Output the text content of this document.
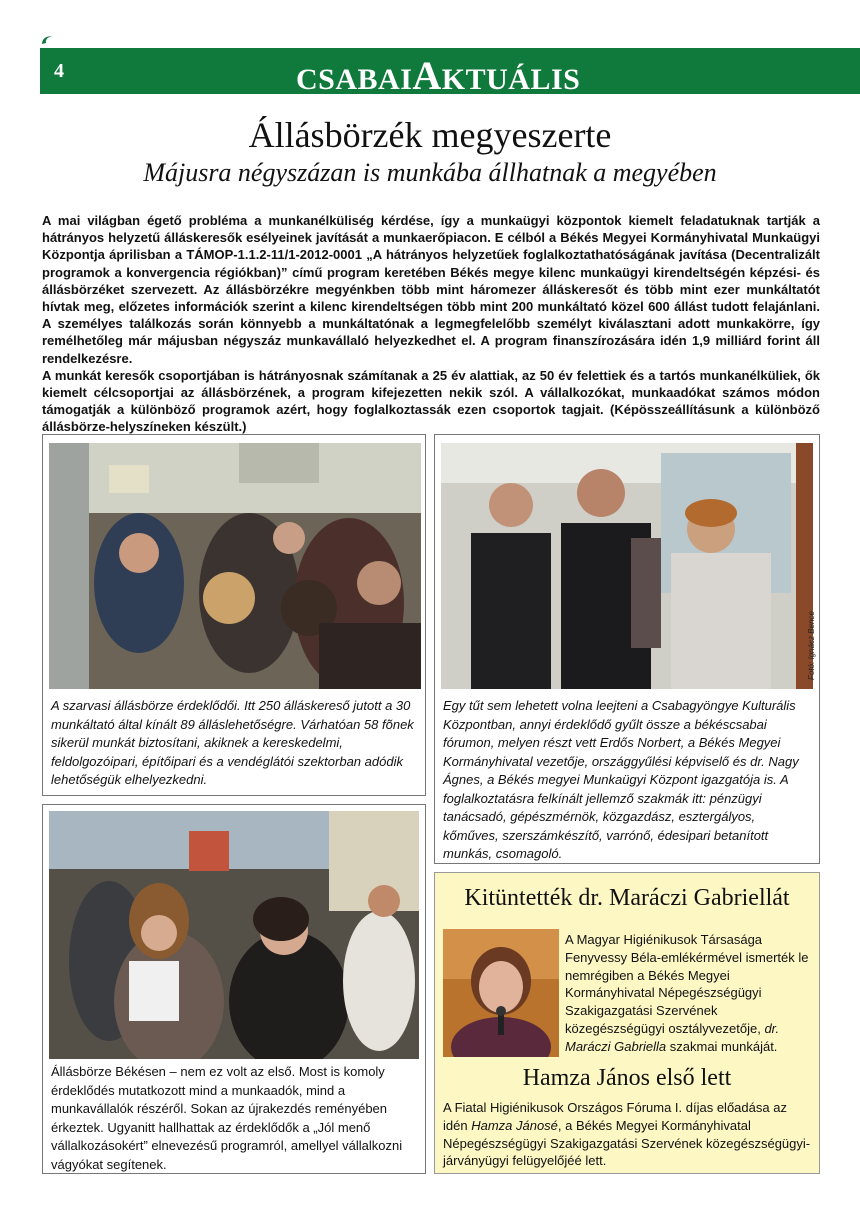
4	CSABAIAKTUÁLIS
Állásbörzék megyeszerte
Májusra négyszázan is munkába állhatnak a megyében

A mai világban égető probléma a munkanélküliség kérdése, így a munkaügyi központok kiemelt feladatuknak tartják a hátrányos helyzetű álláskeresők esélyeinek javítását a munkaerőpiacon. E célból a Békés Megyei Kormányhivatal Munkaügyi Központja áprilisban a TÁMOP-1.1.2-11/1-2012-0001 „A hátrányos helyzetűek foglalkoztathatóságának javítása (Decentralizált programok a konvergencia régiókban)” című program keretében Békés megye kilenc munkaügyi kirendeltségén képzési- és állásbörzéket szervezett. Az állásbörzékre megyénkben több mint háromezer álláskeresőt és több mint ezer munkáltatót hívtak meg, előzetes információk szerint a kilenc kirendeltségen több mint 200 munkáltató közel 600 állást tudott felajánlani. A személyes találkozás során könnyebb a munkáltatónak a legmegfelelőbb személyt kiválasztani adott munkakörre, így remélhetőleg már májusban négyszáz munkavállaló helyezkedhet el. A program finanszírozására idén 1,9 milliárd forint áll rendelkezésre.

A munkát keresők csoportjában is hátrányosnak számítanak a 25 év alattiak, az 50 év felettiek és a tartós munkanélküliek, ők kiemelt célcsoportjai az állásbörzének, a program kifejezetten nekik szól. A vállalkozókat, munkaadókat számos módon támogatják a különböző programok azért, hogy foglalkoztassák ezen csoportok tagjait. (Képösszeállításunk a különböző állásbörze-helyszíneken készült.)

A szarvasi állásbörze érdeklődői. Itt 250 álláskereső jutott a 30 munkáltató által kínált 89 álláslehetőségre. Várhatóan 58 fõnek sikerül munkát biztosítani, akiknek a kereskedelmi, feldolgozóipari, építőipari és a vendéglátói szektorban adódik lehetőségük elhelyezkedni.
Fotó: Ignácz Bence
Egy tűt sem lehetett volna leejteni a Csabagyöngye Kulturális Központban, annyi érdeklődő gyűlt össze a békéscsabai fórumon, melyen részt vett Erdős Norbert, a Békés Megyei Kormányhivatal vezetője, országgyűlési képviselő és dr. Nagy Ágnes, a Békés megyei Munkaügyi Központ igazgatója is. A foglalkoztatásra felkínált jellemző szakmák itt: pénzügyi tanácsadó, gépészmérnök, közgazdász, esztergályos, kőműves, szerszámkészítő, varrónő, édesipari betanított munkás, csomagoló.
Állásbörze Békésen – nem ez volt az első. Most is komoly érdeklődés mutatkozott mind a munkaadók, mind a munkavállalók részéről. Sokan az újrakezdés reményében érkeztek. Ugyanitt hallhattak az érdeklődők a „Jól menő vállalkozásokért” elnevezésű programról, amellyel vállalkozni vágyókat segítenek.
Kitüntették dr. Maráczi Gabriellát
A Magyar Higiénikusok Társasága Fenyvessy Béla-emlékérmével ismerték le nemrégiben a Békés Megyei Kormányhivatal Népegészségügyi Szakigazgatási Szervének közegészségügyi osztályvezetője, dr. Maráczi Gabriella szakmai munkáját.
Hamza János első lett
A Fiatal Higiénikusok Országos Fóruma I. díjas előadása az idén Hamza Jánosé, a Békés Megyei Kormányhivatal Népegészségügyi Szakigazgatási Szervének közegészségügyi-járványügyi felügyelőjéé lett.
